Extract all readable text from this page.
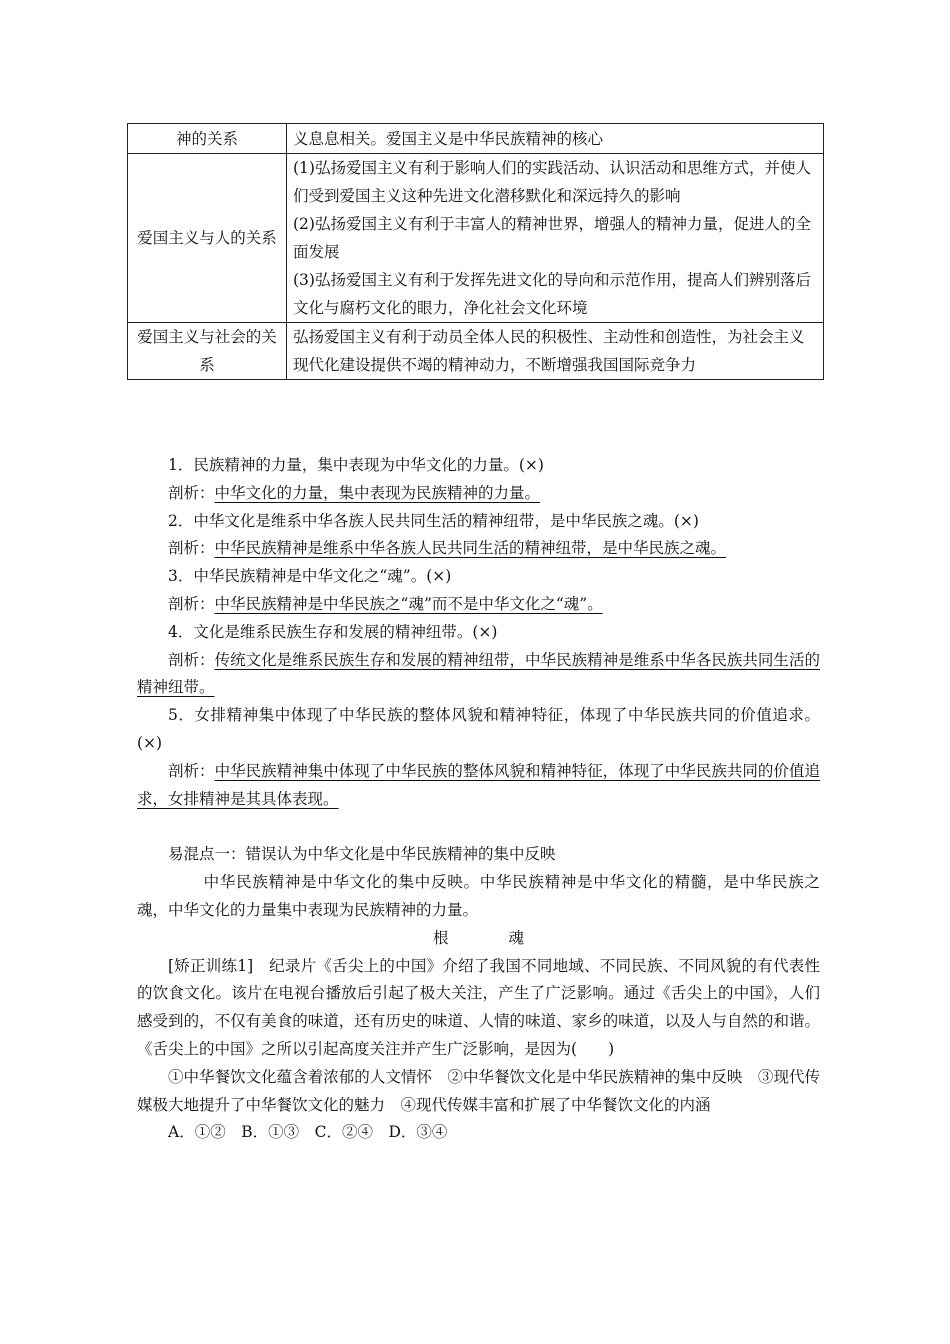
神的关系	义息息相关。爱国主义是中华民族精神的核心
爱国主义与人的关系	(1)弘扬爱国主义有利于影响人们的实践活动、认识活动和思维方式，并使人们受到爱国主义这种先进文化潜移默化和深远持久的影响
(2)弘扬爱国主义有利于丰富人的精神世界，增强人的精神力量，促进人的全面发展
(3)弘扬爱国主义有利于发挥先进文化的导向和示范作用，提高人们辨别落后文化与腐朽文化的眼力，净化社会文化环境

爱国主义与社会的关系	弘扬爱国主义有利于动员全体人民的积极性、主动性和创造性，为社会主义现代化建设提供不竭的精神动力，不断增强我国国际竞争力

1．民族精神的力量，集中表现为中华文化的力量。(×)

剖析：中华文化的力量，集中表现为民族精神的力量。

2．中华文化是维系中华各族人民共同生活的精神纽带，是中华民族之魂。(×)

剖析：中华民族精神是维系中华各族人民共同生活的精神纽带，是中华民族之魂。

3．中华民族精神是中华文化之“魂”。(×)

剖析：中华民族精神是中华民族之“魂”而不是中华文化之“魂”。

4．文化是维系民族生存和发展的精神纽带。(×)

剖析：传统文化是维系民族生存和发展的精神纽带，中华民族精神是维系中华各民族共同生活的精神纽带。

5．女排精神集中体现了中华民族的整体风貌和精神特征，体现了中华民族共同的价值追求。(×)

剖析：中华民族精神集中体现了中华民族的整体风貌和精神特征，体现了中华民族共同的价值追求，女排精神是其具体表现。

易混点一：错误认为中华文化是中华民族精神的集中反映

中华民族精神是中华文化的集中反映。中华民族精神是中华文化的精髓，是中华民族之魂，中华文化的力量集中表现为民族精神的力量。

根	魂

[矫正训练1]　纪录片《舌尖上的中国》介绍了我国不同地域、不同民族、不同风貌的有代表性的饮食文化。该片在电视台播放后引起了极大关注，产生了广泛影响。通过《舌尖上的中国》，人们感受到的，不仅有美食的味道，还有历史的味道、人情的味道、家乡的味道，以及人与自然的和谐。《舌尖上的中国》之所以引起高度关注并产生广泛影响，是因为(　　)

①中华餐饮文化蕴含着浓郁的人文情怀　②中华餐饮文化是中华民族精神的集中反映　③现代传媒极大地提升了中华餐饮文化的魅力　④现代传媒丰富和扩展了中华餐饮文化的内涵

A．①②　B．①③　C．②④　D．③④
